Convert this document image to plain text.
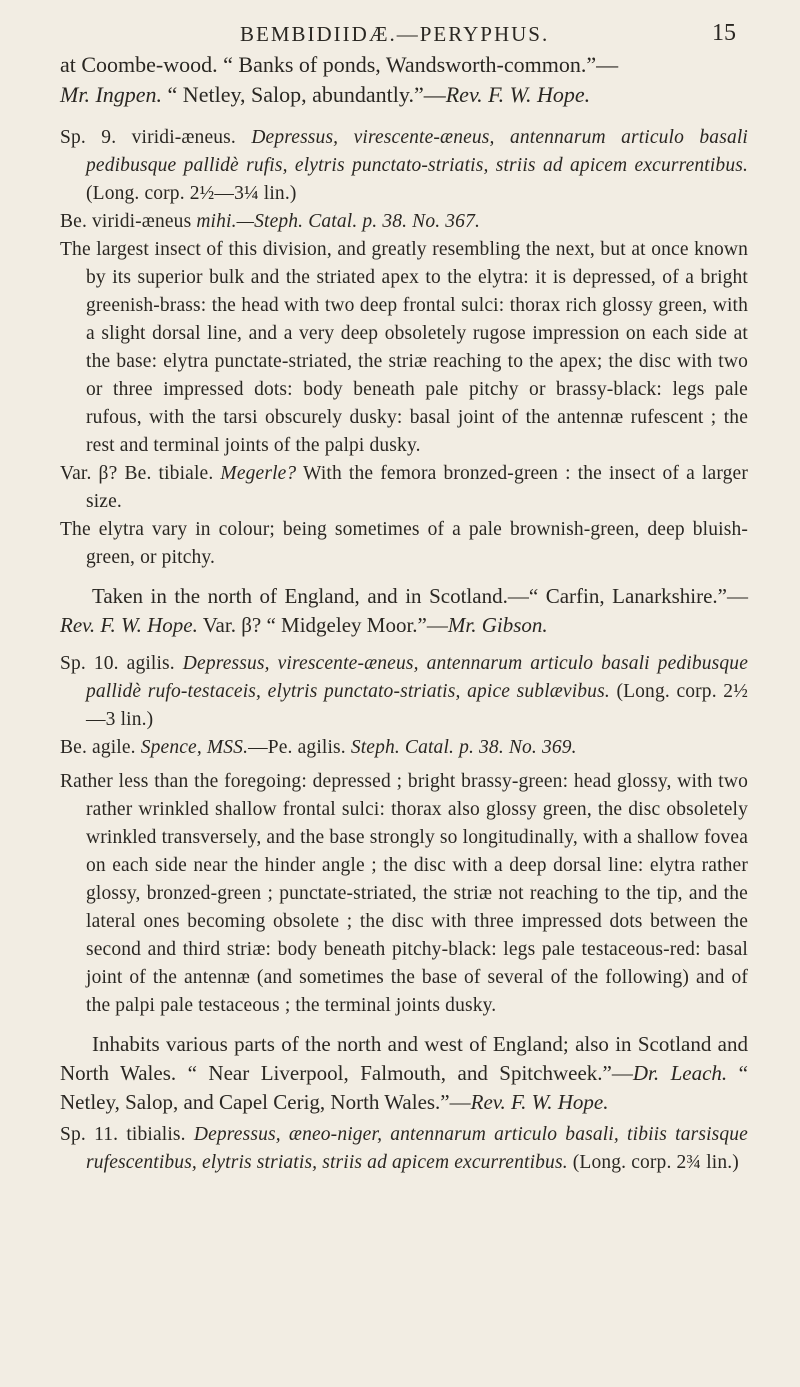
BEMBIDIIDÆ.—PERYPHUS.	15

at Coombe-wood. “ Banks of ponds, Wandsworth-common.”—
Mr. Ingpen. “ Netley, Salop, abundantly.”—Rev. F. W. Hope.

Sp. 9. viridi-æneus. Depressus, virescente-æneus, antennarum articulo basali pedibusque pallidè rufis, elytris punctato-striatis, striis ad apicem excurrentibus. (Long. corp. 2½—3¼ lin.)

Be. viridi-æneus mihi.—Steph. Catal. p. 38. No. 367.

The largest insect of this division, and greatly resembling the next, but at once known by its superior bulk and the striated apex to the elytra: it is depressed, of a bright greenish-brass: the head with two deep frontal sulci: thorax rich glossy green, with a slight dorsal line, and a very deep obsoletely rugose impression on each side at the base: elytra punctate-striated, the striæ reaching to the apex; the disc with two or three impressed dots: body beneath pale pitchy or brassy-black: legs pale rufous, with the tarsi obscurely dusky: basal joint of the antennæ rufescent ; the rest and terminal joints of the palpi dusky.

Var. β? Be. tibiale. Megerle? With the femora bronzed-green : the insect of a larger size.

The elytra vary in colour; being sometimes of a pale brownish-green, deep bluish-green, or pitchy.

Taken in the north of England, and in Scotland.—“ Carfin, Lanarkshire.”—Rev. F. W. Hope. Var. β? “ Midgeley Moor.”—Mr. Gibson.

Sp. 10. agilis. Depressus, virescente-æneus, antennarum articulo basali pedibusque pallidè rufo-testaceis, elytris punctato-striatis, apice sublævibus. (Long. corp. 2½—3 lin.)

Be. agile. Spence, MSS.—Pe. agilis. Steph. Catal. p. 38. No. 369.

Rather less than the foregoing: depressed ; bright brassy-green: head glossy, with two rather wrinkled shallow frontal sulci: thorax also glossy green, the disc obsoletely wrinkled transversely, and the base strongly so longitudinally, with a shallow fovea on each side near the hinder angle ; the disc with a deep dorsal line: elytra rather glossy, bronzed-green ; punctate-striated, the striæ not reaching to the tip, and the lateral ones becoming obsolete ; the disc with three impressed dots between the second and third striæ: body beneath pitchy-black: legs pale testaceous-red: basal joint of the antennæ (and sometimes the base of several of the following) and of the palpi pale testaceous ; the terminal joints dusky.

Inhabits various parts of the north and west of England; also in Scotland and North Wales. “ Near Liverpool, Falmouth, and Spitchweek.”—Dr. Leach. “ Netley, Salop, and Capel Cerig, North Wales.”—Rev. F. W. Hope.

Sp. 11. tibialis. Depressus, æneo-niger, antennarum articulo basali, tibiis tarsisque rufescentibus, elytris striatis, striis ad apicem excurrentibus. (Long. corp. 2¾ lin.)
